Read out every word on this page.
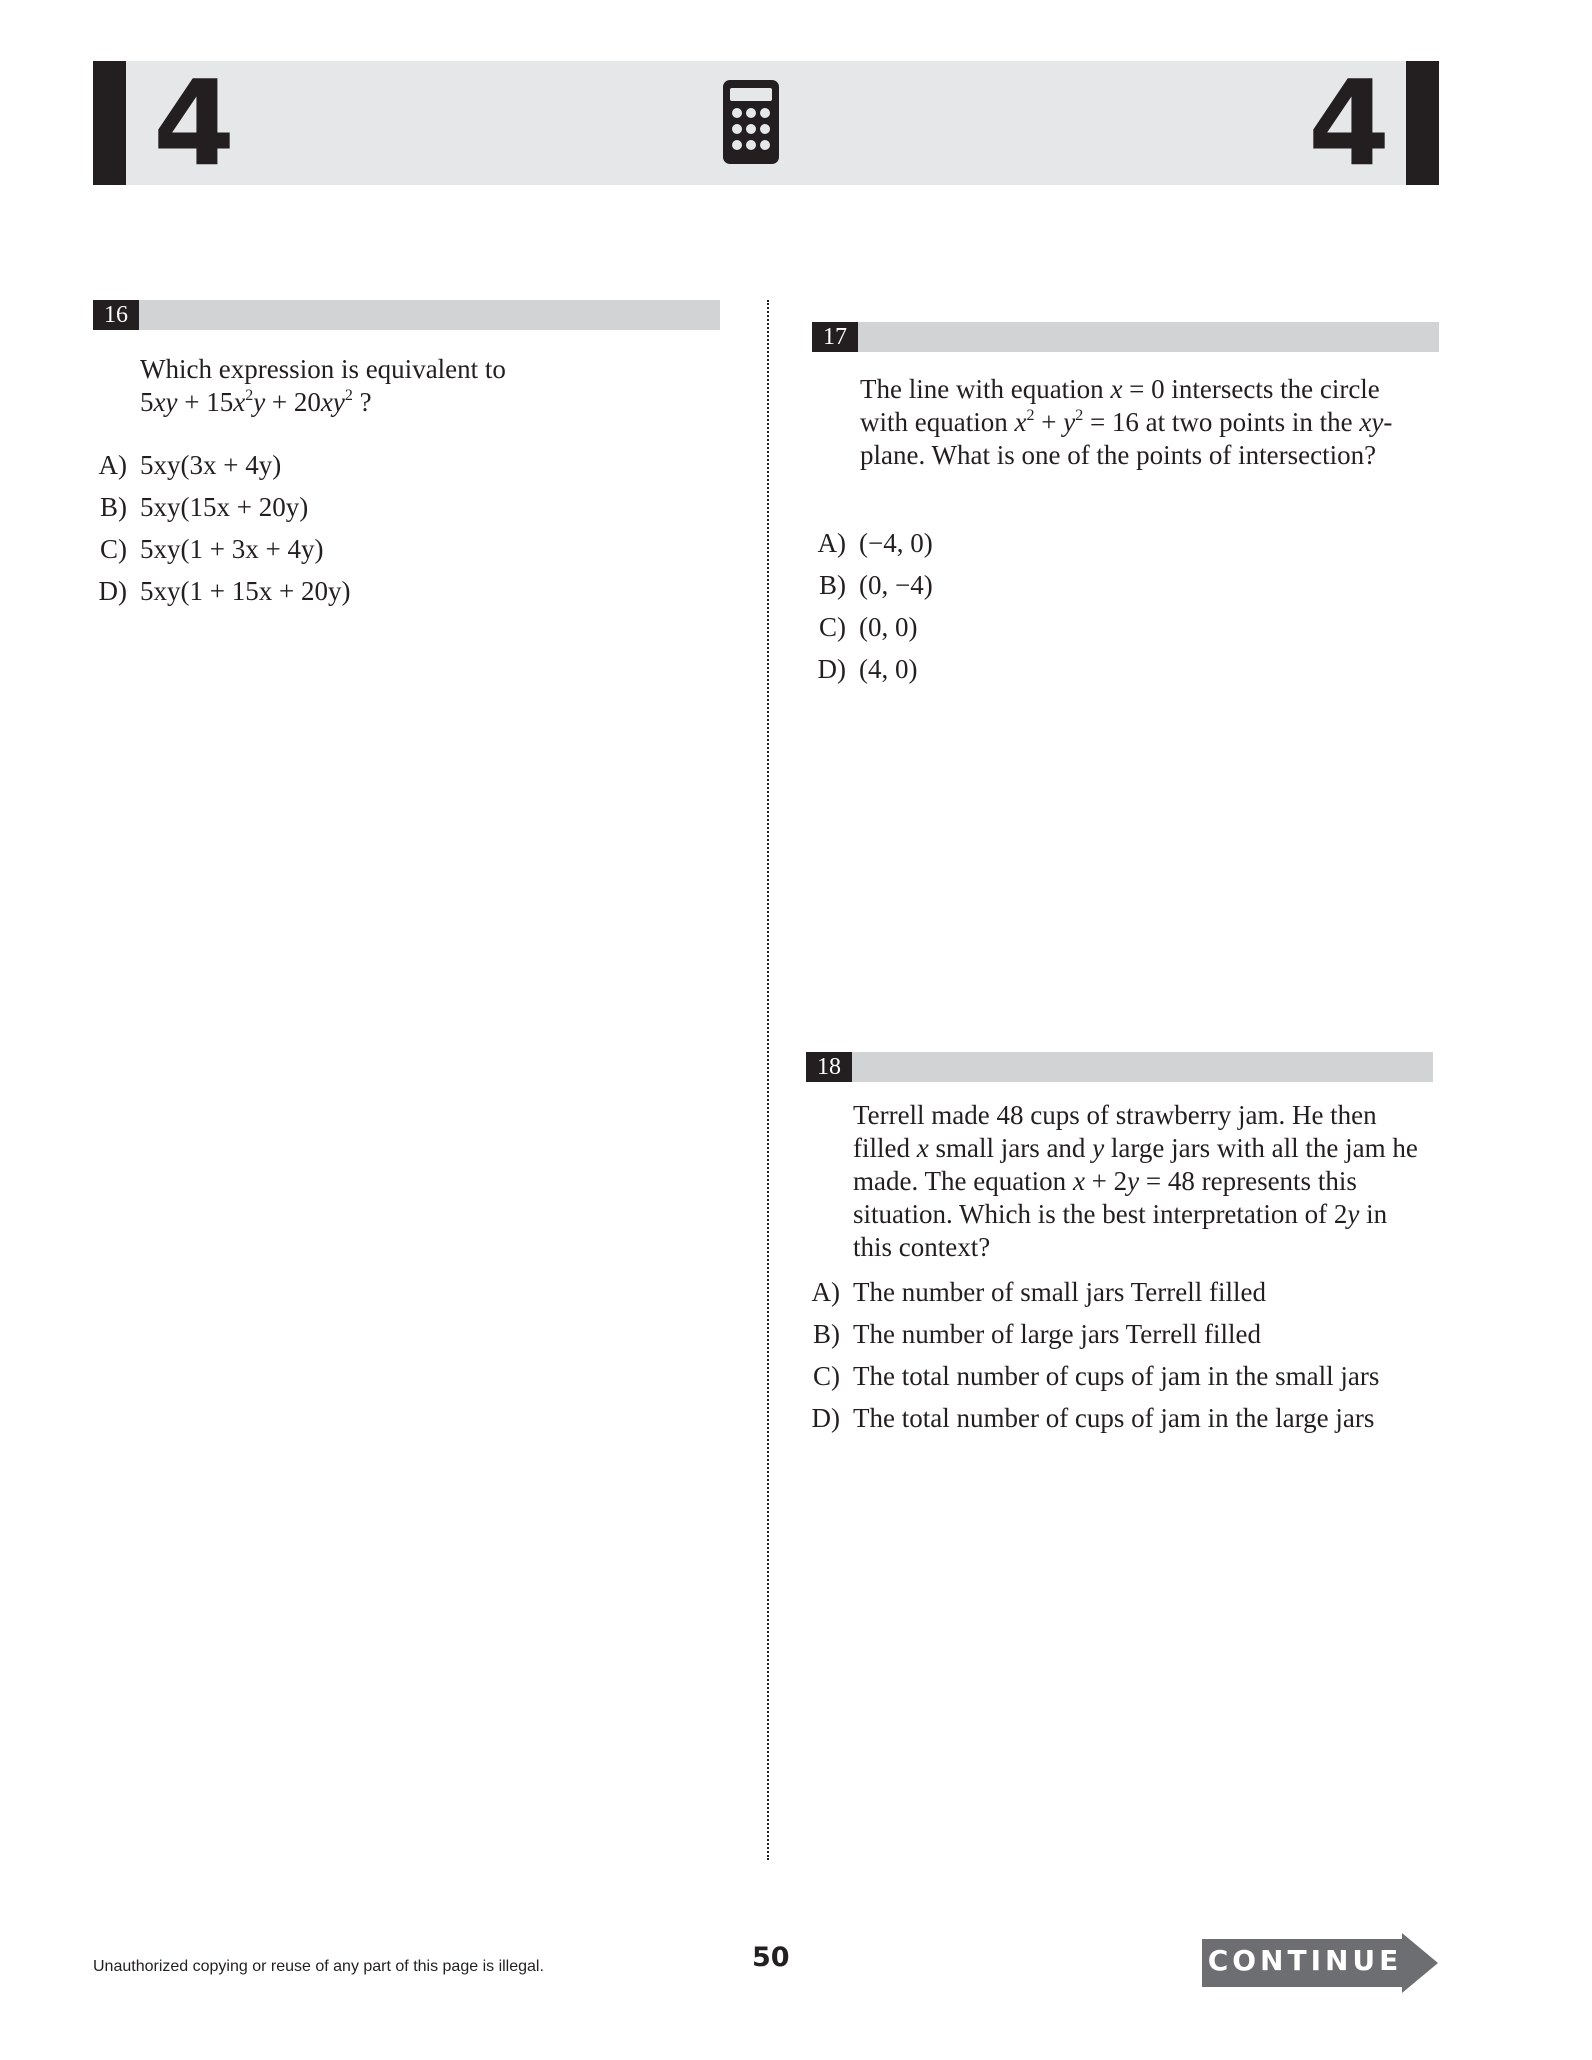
4	4
16

Which expression is equivalent to

$5xy + 15x^2y + 20xy^2$ ?

A) 5xy(3x + 4y)
B) 5xy(15x + 20y)
C) 5xy(1 + 3x + 4y)
D) 5xy(1 + 15x + 20y)
17

The line with equation x = 0 intersects the circle
with equation $x^2 + y^2 = 16$ at two points in the xy-
plane. What is one of the points of intersection?

A) (−4, 0)
B) (0, −4)
C) (0, 0)
D) (4, 0)
18

Terrell made 48 cups of strawberry jam. He then
filled x small jars and y large jars with all the jam he
made. The equation x + 2y = 48 represents this
situation. Which is the best interpretation of 2y in
this context?

A) The number of small jars Terrell filled
B) The number of large jars Terrell filled
C) The total number of cups of jam in the small jars
D) The total number of cups of jam in the large jars
Unauthorized copying or reuse of any part of this page is illegal.	50	CONTINUE
